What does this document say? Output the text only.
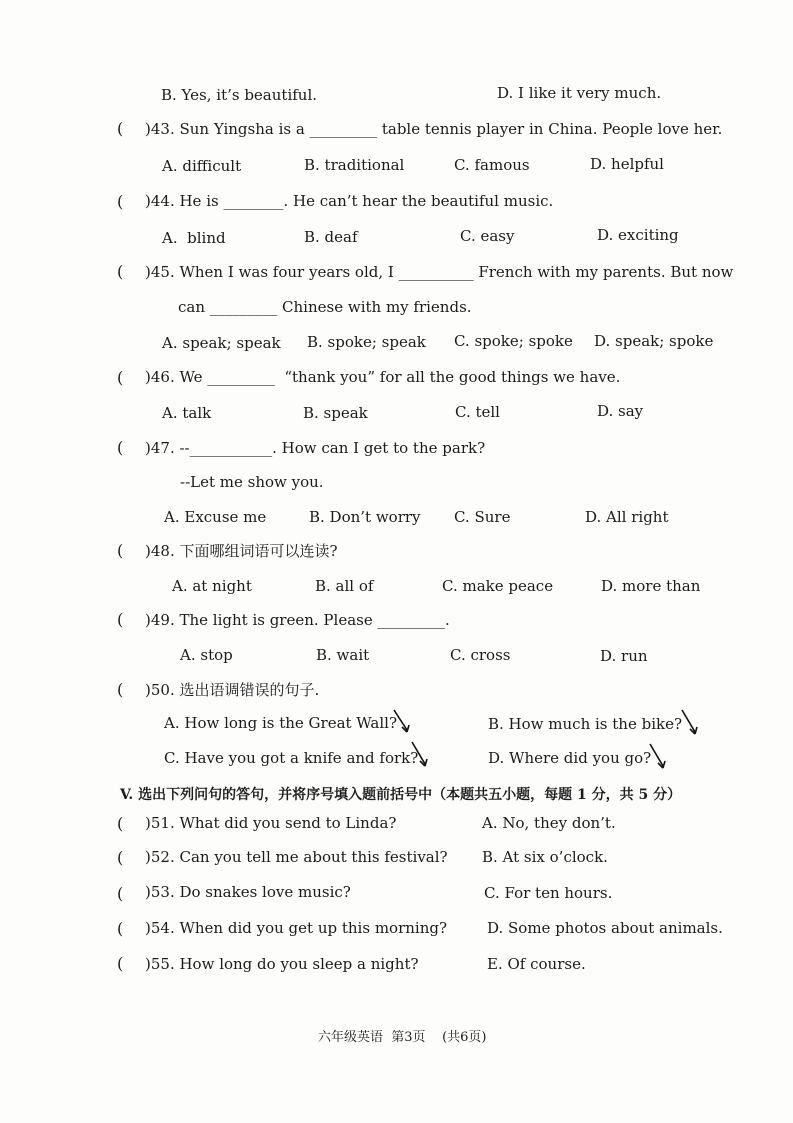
B. Yes, it’s beautiful.	D. I like it very much.
( )43. Sun Yingsha is a _________ table tennis player in China. People love her.
A. difficult	B. traditional	C. famous	D. helpful
( )44. He is ________. He can’t hear the beautiful music.
A.  blind	B. deaf	C. easy	D. exciting
( )45. When I was four years old, I __________ French with my parents. But now
can _________ Chinese with my friends.
A. speak; speak B. spoke; speak C. spoke; spoke D. speak; spoke
( )46. We _________  “thank you” for all the good things we have.
A. talk	B. speak	C. tell	D. say
( )47. --___________. How can I get to the park?
--Let me show you.
A. Excuse me	B. Don’t worry C. Sure	D. All right
( )48. 下面哪组词语可以连读?
A. at night	B. all of	C. make peace	D. more than
( )49. The light is green. Please _________.
A. stop	B. wait	C. cross	D. run
( )50. 选出语调错误的句子.
A. How long is the Great Wall?	B. How much is the bike?
C. Have you got a knife and fork?	D. Where did you go?
V. 选出下列问句的答句，并将序号填入题前括号中（本题共五小题，每题 1 分，共 5 分）
( )51. What did you send to Linda?	A. No, they don’t.
( )52. Can you tell me about this festival? B. At six o’clock.
( )53. Do snakes love music?	C. For ten hours.
( )54. When did you get up this morning?	D. Some photos about animals.
( )55. How long do you sleep a night?	E. Of course.
六年级英语  第3页    (共6页)
